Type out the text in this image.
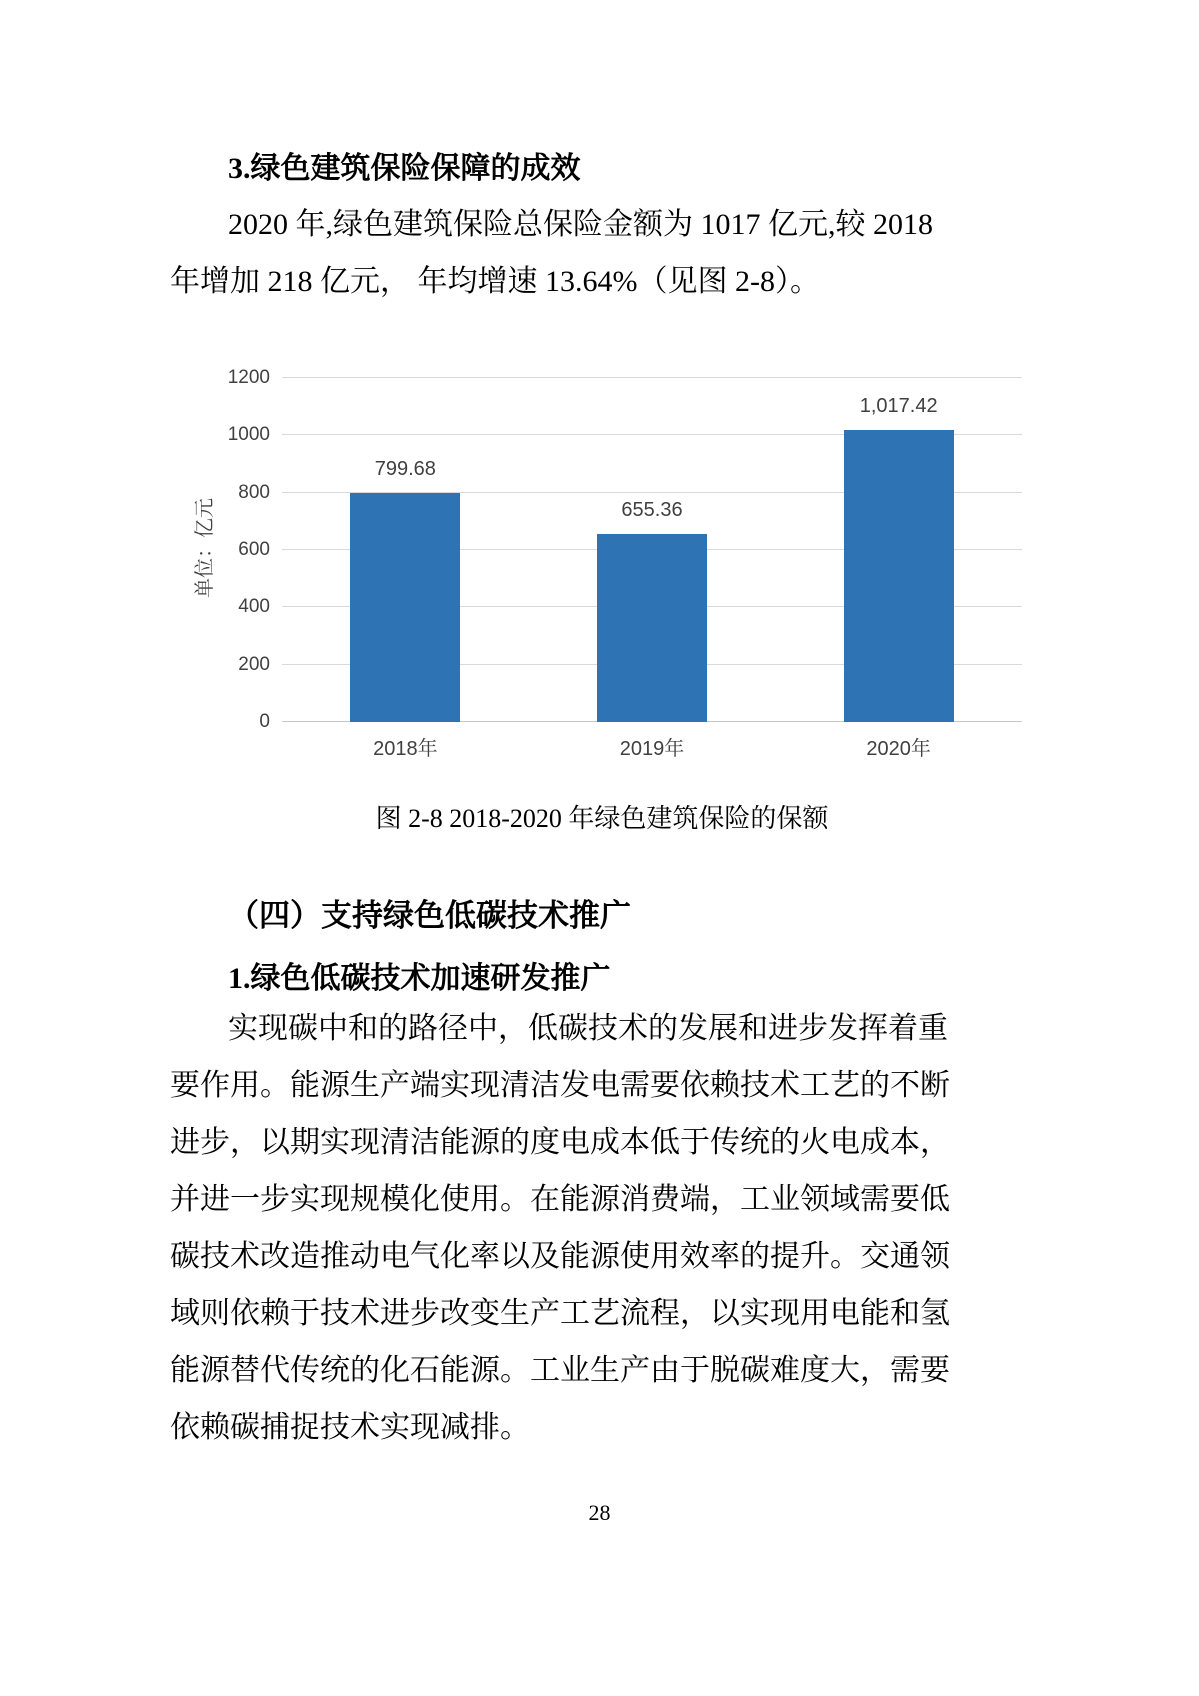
3.绿色建筑保险保障的成效
2020 年,绿色建筑保险总保险金额为 1017 亿元,较 2018
年增加 218 亿元， 年均增速 13.64%（见图 2-8）。
单位：亿元
0
200
400
600
800
1000
1200
799.68
655.36
1,017.42
2018年	2019年	2020年
图 2-8 2018-2020 年绿色建筑保险的保额
（四）支持绿色低碳技术推广
1.绿色低碳技术加速研发推广
实现碳中和的路径中，低碳技术的发展和进步发挥着重
要作用。能源生产端实现清洁发电需要依赖技术工艺的不断
进步，以期实现清洁能源的度电成本低于传统的火电成本，
并进一步实现规模化使用。在能源消费端，工业领域需要低
碳技术改造推动电气化率以及能源使用效率的提升。交通领
域则依赖于技术进步改变生产工艺流程，以实现用电能和氢
能源替代传统的化石能源。工业生产由于脱碳难度大，需要
依赖碳捕捉技术实现减排。
28
